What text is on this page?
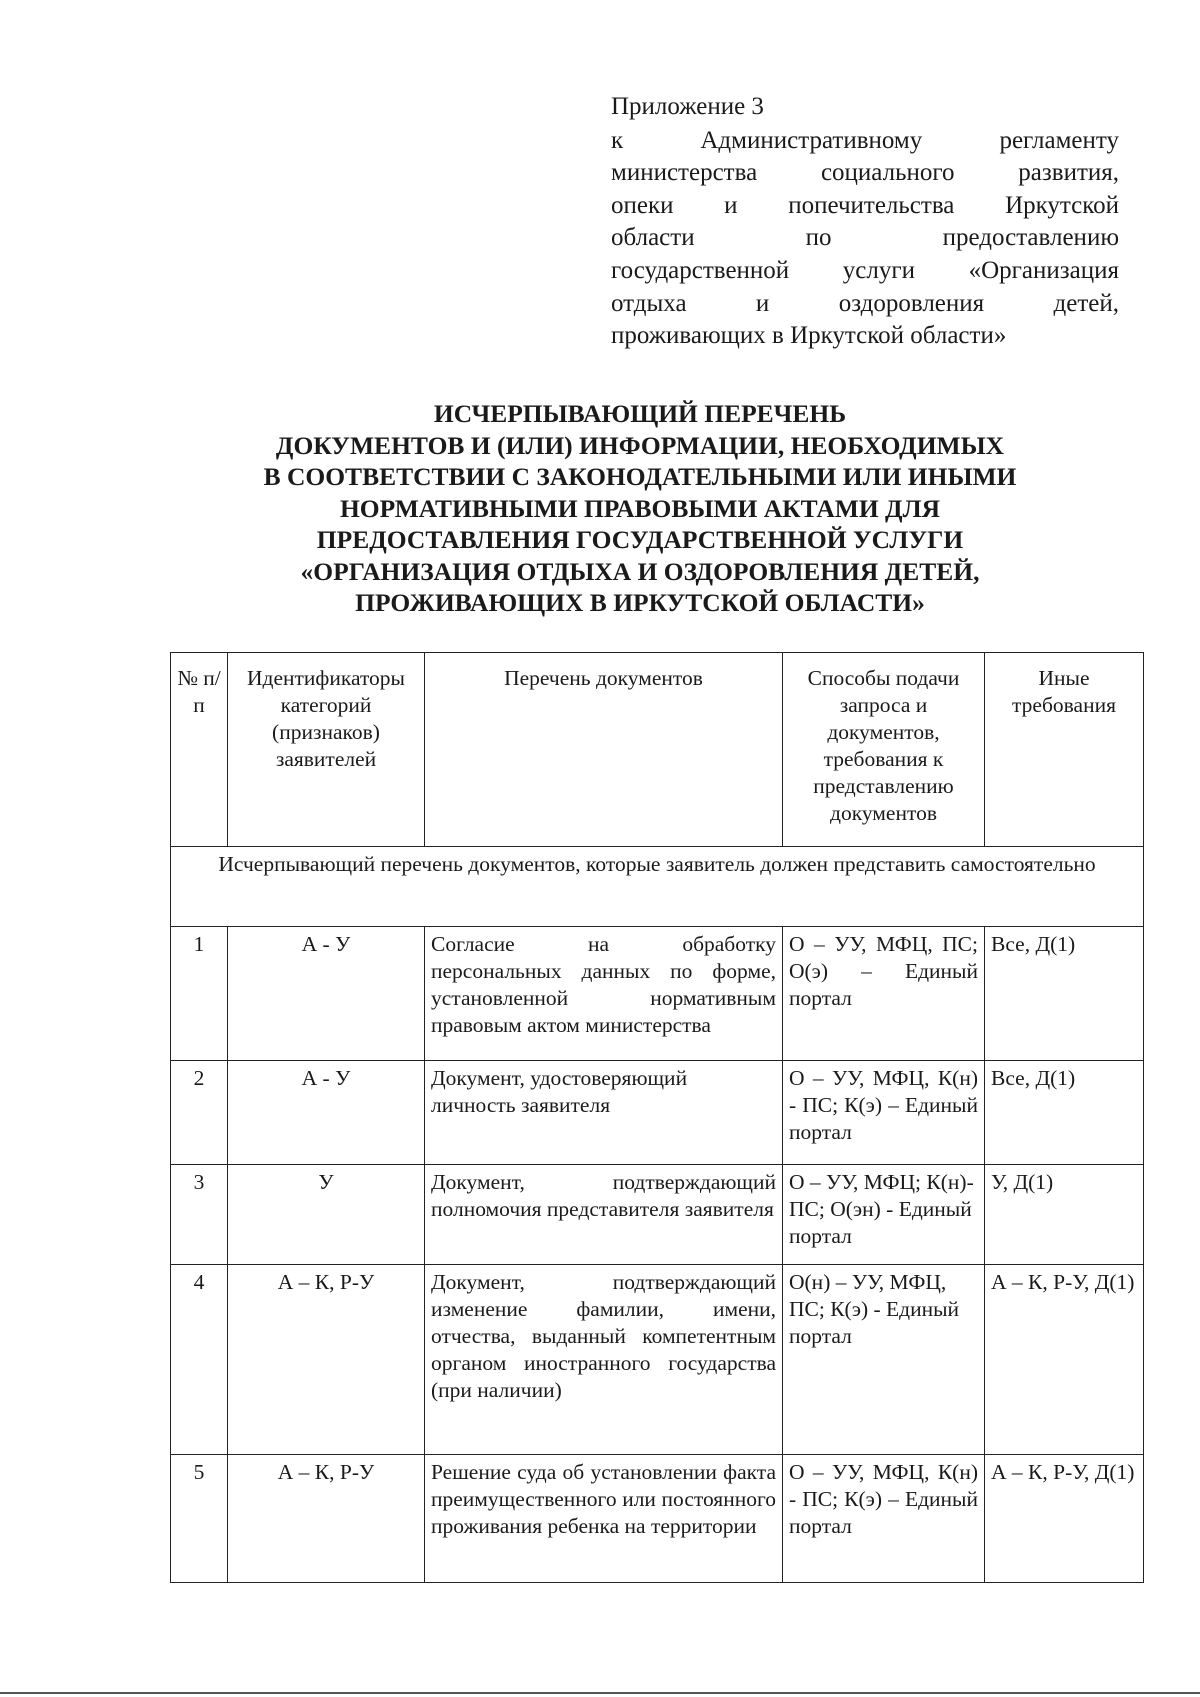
Приложение 3
к Административному регламенту
министерства социального развития,
опеки и попечительства Иркутской
области по предоставлению
государственной услуги «Организация
отдыха и оздоровления детей,
проживающих в Иркутской области»
ИСЧЕРПЫВАЮЩИЙ ПЕРЕЧЕНЬ
ДОКУМЕНТОВ И (ИЛИ) ИНФОРМАЦИИ, НЕОБХОДИМЫХ
В СООТВЕТСТВИИ С ЗАКОНОДАТЕЛЬНЫМИ ИЛИ ИНЫМИ
НОРМАТИВНЫМИ ПРАВОВЫМИ АКТАМИ ДЛЯ
ПРЕДОСТАВЛЕНИЯ ГОСУДАРСТВЕННОЙ УСЛУГИ
«ОРГАНИЗАЦИЯ ОТДЫХА И ОЗДОРОВЛЕНИЯ ДЕТЕЙ,
ПРОЖИВАЮЩИХ В ИРКУТСКОЙ ОБЛАСТИ»
№ п/п	Идентификаторы категорий (признаков) заявителей	Перечень документов	Способы подачи запроса и документов, требования к представлению документов	Иные требования
Исчерпывающий перечень документов, которые заявитель должен представить самостоятельно				
1	А - У	Согласие на обработку персональных данных по форме, установленной нормативным правовым актом министерства	О – УУ, МФЦ, ПС; О(э) – Единый портал	Все, Д(1)
2	А - У	Документ, удостоверяющий личность заявителя	О – УУ, МФЦ, К(н) - ПС; К(э) – Единый портал	Все, Д(1)
3	У	Документ, подтверждающий полномочия представителя заявителя	О – УУ, МФЦ; К(н)-ПС; О(эн) - Единый портал	У, Д(1)
4	А – К, Р-У	Документ, подтверждающий изменение фамилии, имени, отчества, выданный компетентным органом иностранного государства (при наличии)	О(н) – УУ, МФЦ, ПС; К(э) - Единый портал	А – К, Р-У, Д(1)
5	А – К, Р-У	Решение суда об установлении факта преимущественного или постоянного проживания ребенка на территории	О – УУ, МФЦ, К(н) - ПС; К(э) – Единый портал	А – К, Р-У, Д(1)
